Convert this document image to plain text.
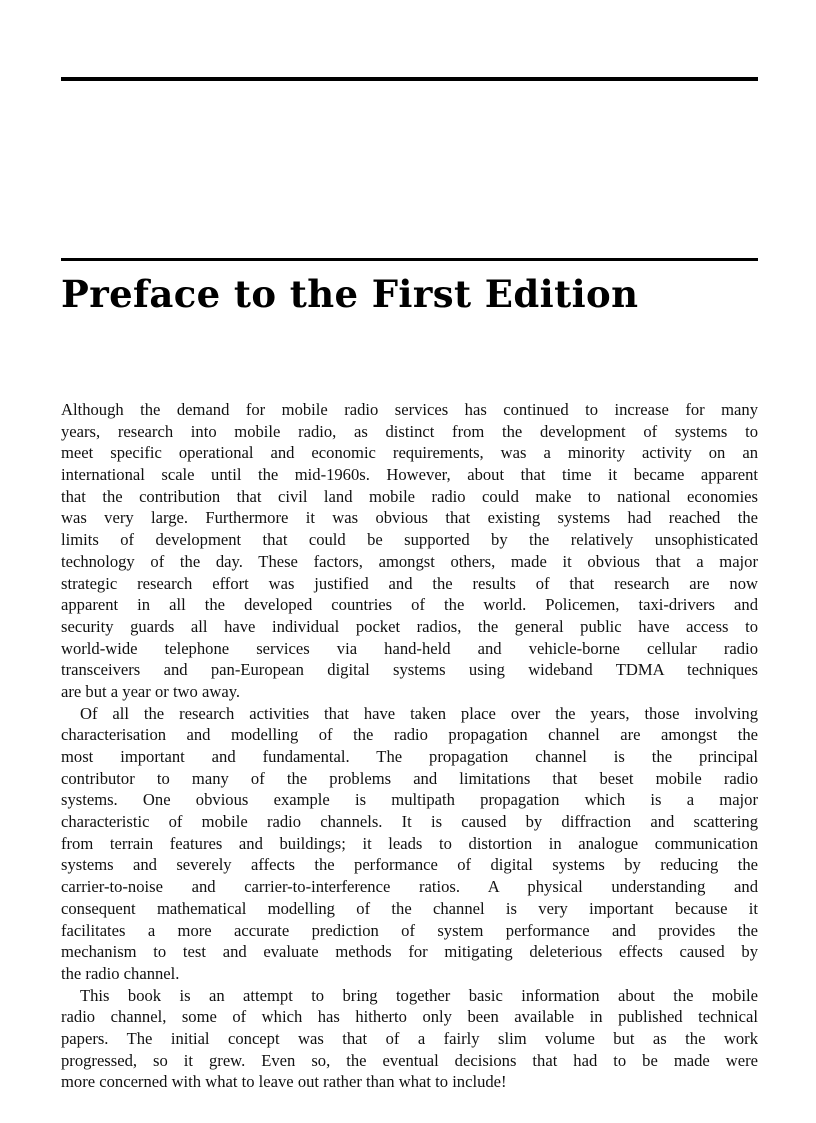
Preface to the First Edition
Although the demand for mobile radio services has continued to increase for many
years, research into mobile radio, as distinct from the development of systems to
meet specific operational and economic requirements, was a minority activity on an
international scale until the mid-1960s. However, about that time it became apparent
that the contribution that civil land mobile radio could make to national economies
was very large. Furthermore it was obvious that existing systems had reached the
limits of development that could be supported by the relatively unsophisticated
technology of the day. These factors, amongst others, made it obvious that a major
strategic research effort was justified and the results of that research are now
apparent in all the developed countries of the world. Policemen, taxi-drivers and
security guards all have individual pocket radios, the general public have access to
world-wide telephone services via hand-held and vehicle-borne cellular radio
transceivers and pan-European digital systems using wideband TDMA techniques
are but a year or two away.
Of all the research activities that have taken place over the years, those involving
characterisation and modelling of the radio propagation channel are amongst the
most important and fundamental. The propagation channel is the principal
contributor to many of the problems and limitations that beset mobile radio
systems. One obvious example is multipath propagation which is a major
characteristic of mobile radio channels. It is caused by diffraction and scattering
from terrain features and buildings; it leads to distortion in analogue communication
systems and severely affects the performance of digital systems by reducing the
carrier-to-noise and carrier-to-interference ratios. A physical understanding and
consequent mathematical modelling of the channel is very important because it
facilitates a more accurate prediction of system performance and provides the
mechanism to test and evaluate methods for mitigating deleterious effects caused by
the radio channel.
This book is an attempt to bring together basic information about the mobile
radio channel, some of which has hitherto only been available in published technical
papers. The initial concept was that of a fairly slim volume but as the work
progressed, so it grew. Even so, the eventual decisions that had to be made were
more concerned with what to leave out rather than what to include!
